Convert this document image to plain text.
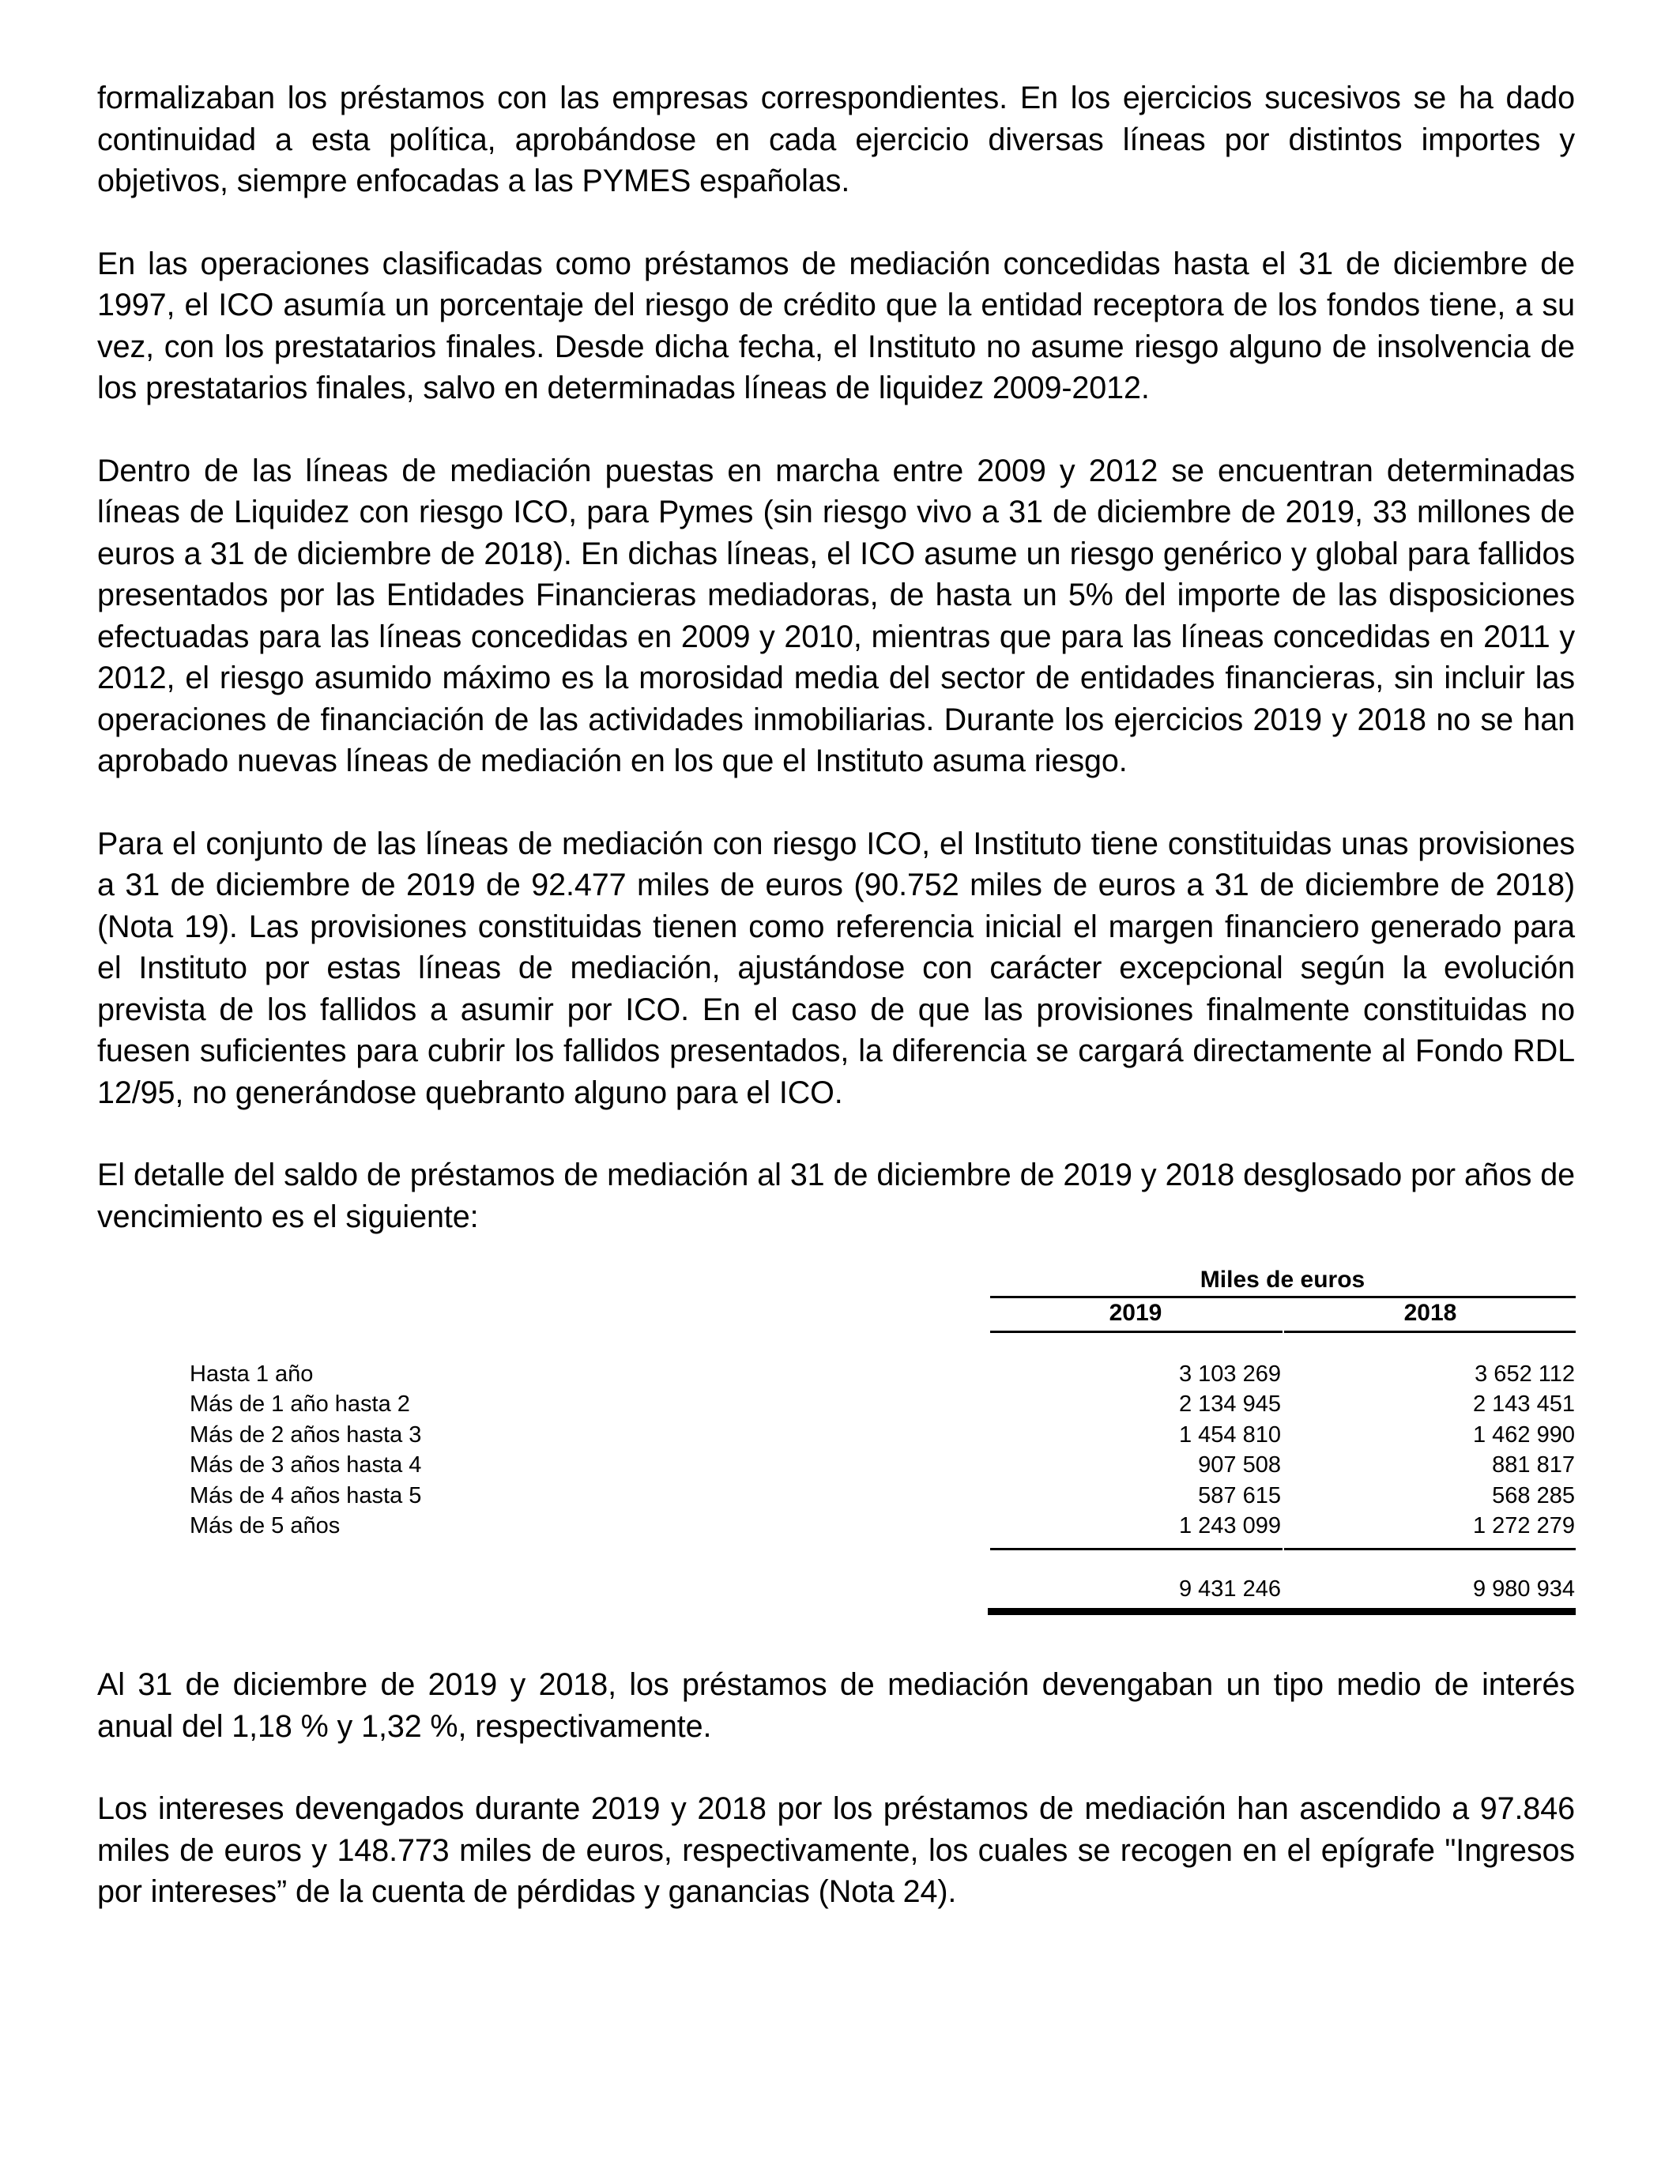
formalizaban los préstamos con las empresas correspondientes. En los ejercicios sucesivos se ha dado continuidad a esta política, aprobándose en cada ejercicio diversas líneas por distintos importes y objetivos, siempre enfocadas a las PYMES españolas.

En las operaciones clasificadas como préstamos de mediación concedidas hasta el 31 de diciembre de 1997, el ICO asumía un porcentaje del riesgo de crédito que la entidad receptora de los fondos tiene, a su vez, con los prestatarios finales. Desde dicha fecha, el Instituto no asume riesgo alguno de insolvencia de los prestatarios finales, salvo en determinadas líneas de liquidez 2009-2012.

Dentro de las líneas de mediación puestas en marcha entre 2009 y 2012 se encuentran determinadas líneas de Liquidez con riesgo ICO, para Pymes (sin riesgo vivo a 31 de diciembre de 2019, 33 millones de euros a 31 de diciembre de 2018). En dichas líneas, el ICO asume un riesgo genérico y global para fallidos presentados por las Entidades Financieras mediadoras, de hasta un 5% del importe de las disposiciones efectuadas para las líneas concedidas en 2009 y 2010, mientras que para las líneas concedidas en 2011 y 2012, el riesgo asumido máximo es la morosidad media del sector de entidades financieras, sin incluir las operaciones de financiación de las actividades inmobiliarias. Durante los ejercicios 2019 y 2018 no se han aprobado nuevas líneas de mediación en los que el Instituto asuma riesgo.

Para el conjunto de las líneas de mediación con riesgo ICO, el Instituto tiene constituidas unas provisiones a 31 de diciembre de 2019 de 92.477 miles de euros (90.752 miles de euros a 31 de diciembre de 2018) (Nota 19). Las provisiones constituidas tienen como referencia inicial el margen financiero generado para el Instituto por estas líneas de mediación, ajustándose con carácter excepcional según la evolución prevista de los fallidos a asumir por ICO. En el caso de que las provisiones finalmente constituidas no fuesen suficientes para cubrir los fallidos presentados, la diferencia se cargará directamente al Fondo RDL 12/95, no generándose quebranto alguno para el ICO.

El detalle del saldo de préstamos de mediación al 31 de diciembre de 2019 y 2018 desglosado por años de vencimiento es el siguiente:

Miles de euros
2019	2018
Hasta 1 año	3 103 269	3 652 112
Más de 1 año hasta 2	2 134 945	2 143 451
Más de 2 años hasta 3	1 454 810	1 462 990
Más de 3 años hasta 4	907 508	881 817
Más de 4 años hasta 5	587 615	568 285
Más de 5 años	1 243 099	1 272 279
9 431 246	9 980 934

Al 31 de diciembre de 2019 y 2018, los préstamos de mediación devengaban un tipo medio de interés anual del 1,18 % y 1,32 %, respectivamente.

Los intereses devengados durante 2019 y 2018 por los préstamos de mediación han ascendido a 97.846 miles de euros y 148.773 miles de euros, respectivamente, los cuales se recogen en el epígrafe "Ingresos por intereses” de la cuenta de pérdidas y ganancias (Nota 24).
